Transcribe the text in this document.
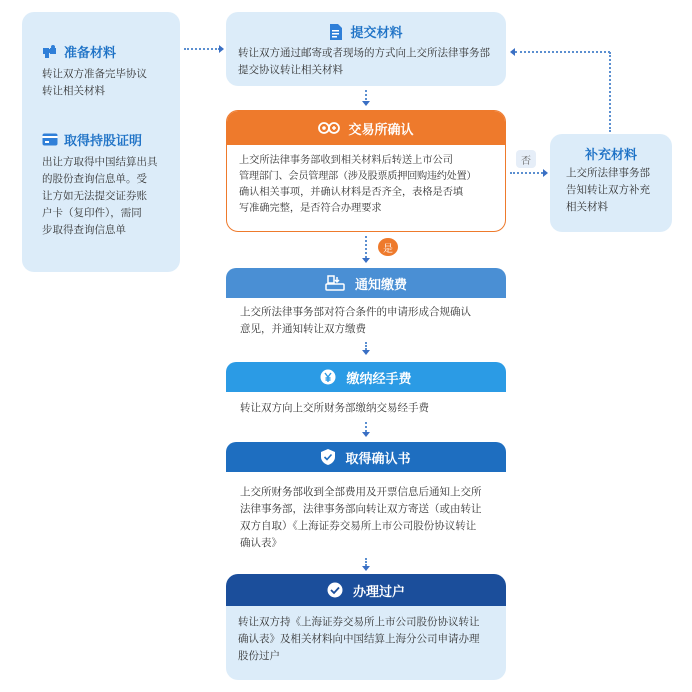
准备材料
转让双方准备完毕协议
转让相关材料
取得持股证明
出让方取得中国结算出具
的股份查询信息单。受
让方如无法提交证券账
户卡（复印件），需同
步取得查询信息单
提交材料
转让双方通过邮寄或者现场的方式向上交所法律事务部
提交协议转让相关材料
交易所确认
上交所法律事务部收到相关材料后转送上市公司
管理部门、会员管理部（涉及股票质押回购违约处置）
确认相关事项，并确认材料是否齐全，表格是否填
写准确完整，是否符合办理要求
否	补充材料
上交所法律事务部
告知转让双方补充
相关材料
是
通知缴费
上交所法律事务部对符合条件的申请形成合规确认
意见，并通知转让双方缴费
缴纳经手费
转让双方向上交所财务部缴纳交易经手费
取得确认书
上交所财务部收到全部费用及开票信息后通知上交所
法律事务部，法律事务部向转让双方寄送（或由转让
双方自取）《上海证券交易所上市公司股份协议转让
确认表》
办理过户
转让双方持《上海证券交易所上市公司股份协议转让
确认表》及相关材料向中国结算上海分公司申请办理
股份过户
